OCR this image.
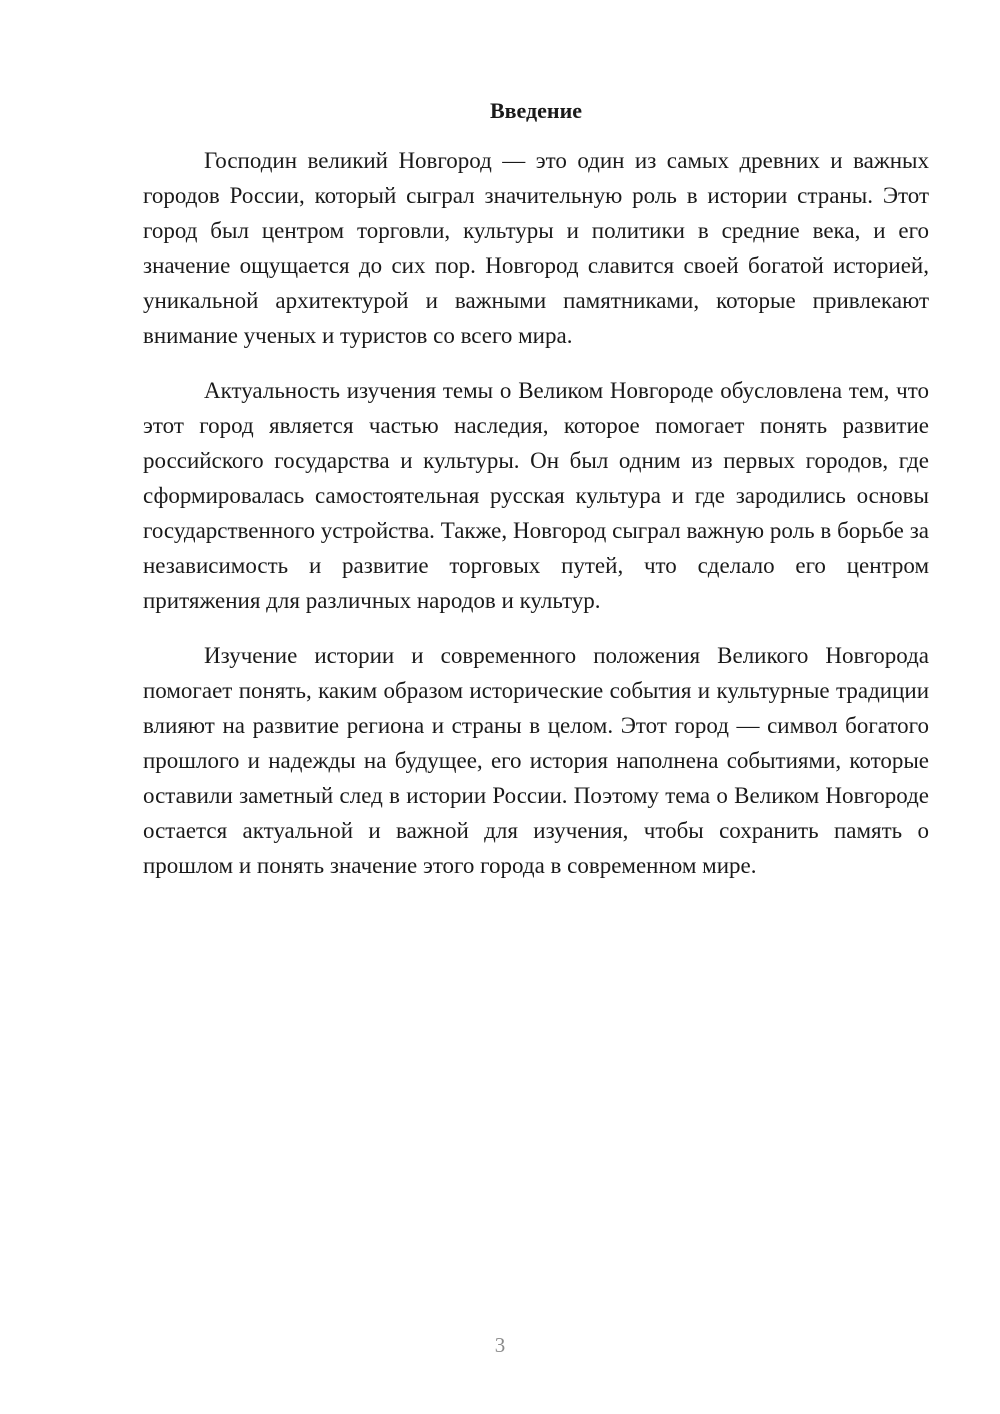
Введение

Господин великий Новгород — это один из самых древних и важных городов России, который сыграл значительную роль в истории страны. Этот город был центром торговли, культуры и политики в средние века, и его значение ощущается до сих пор. Новгород славится своей богатой историей, уникальной архитектурой и важными памятниками, которые привлекают внимание ученых и туристов со всего мира.

Актуальность изучения темы о Великом Новгороде обусловлена тем, что этот город является частью наследия, которое помогает понять развитие российского государства и культуры. Он был одним из первых городов, где сформировалась самостоятельная русская культура и где зародились основы государственного устройства. Также, Новгород сыграл важную роль в борьбе за независимость и развитие торговых путей, что сделало его центром притяжения для различных народов и культур.

Изучение истории и современного положения Великого Новгорода помогает понять, каким образом исторические события и культурные традиции влияют на развитие региона и страны в целом. Этот город — символ богатого прошлого и надежды на будущее, его история наполнена событиями, которые оставили заметный след в истории России. Поэтому тема о Великом Новгороде остается актуальной и важной для изучения, чтобы сохранить память о прошлом и понять значение этого города в современном мире.

3
